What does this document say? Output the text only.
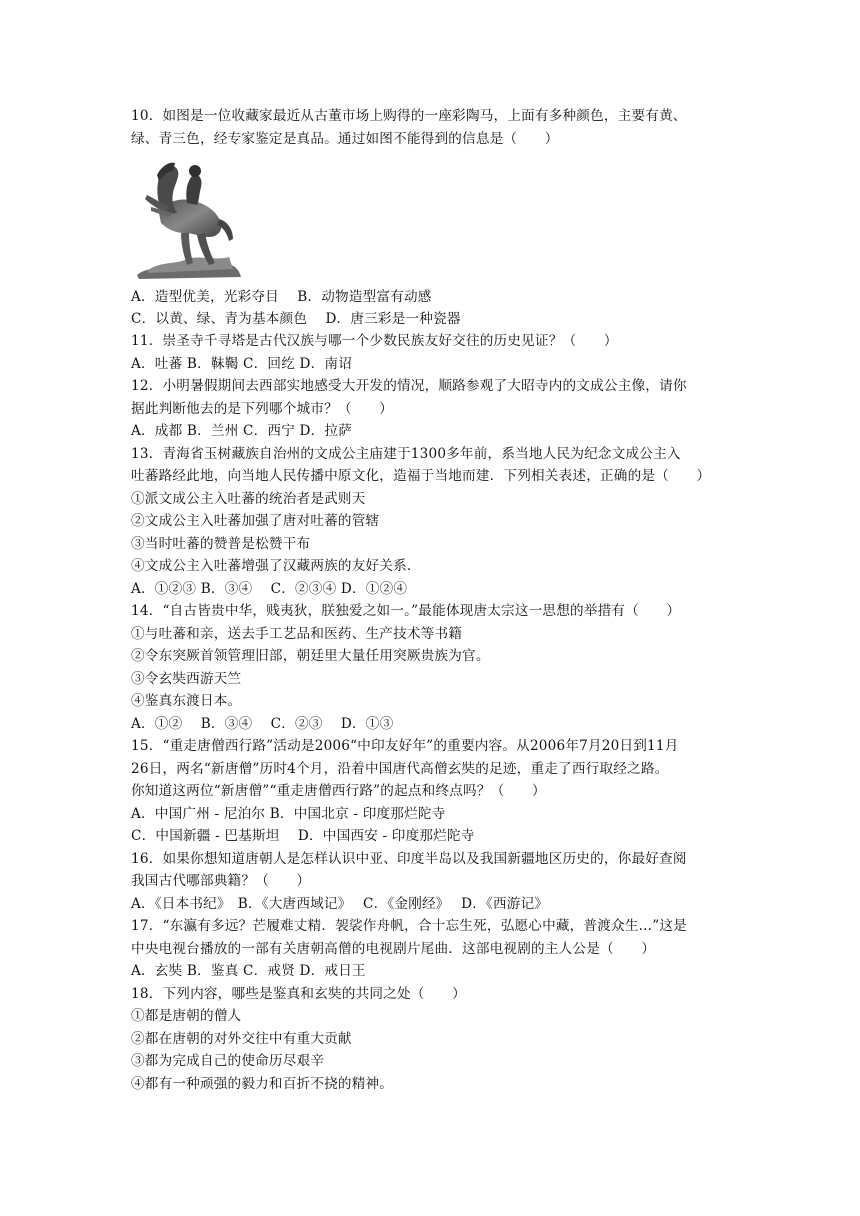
10．如图是一位收藏家最近从古董市场上购得的一座彩陶马，上面有多种颜色，主要有黄、
绿、青三色，经专家鉴定是真品。通过如图不能得到的信息是（　　）
A．造型优美，光彩夺目　 B．动物造型富有动感
C．以黄、绿、青为基本颜色　 D．唐三彩是一种瓷器
11．崇圣寺千寻塔是古代汉族与哪一个少数民族友好交往的历史见证？（　　）
A．吐蕃 B．靺鞨 C．回纥 D．南诏
12．小明暑假期间去西部实地感受大开发的情况，顺路参观了大昭寺内的文成公主像，请你
据此判断他去的是下列哪个城市？（　　）
A．成都 B．兰州 C．西宁 D．拉萨
13．青海省玉树藏族自治州的文成公主庙建于1300多年前，系当地人民为纪念文成公主入
吐蕃路经此地，向当地人民传播中原文化，造福于当地而建．下列相关表述，正确的是（　　）
①派文成公主入吐蕃的统治者是武则天
②文成公主入吐蕃加强了唐对吐蕃的管辖
③当时吐蕃的赞普是松赞干布
④文成公主入吐蕃增强了汉藏两族的友好关系．
A．①②③ B．③④　 C．②③④ D．①②④
14．“自古皆贵中华，贱夷狄，朕独爱之如一。”最能体现唐太宗这一思想的举措有（　　）
①与吐蕃和亲，送去手工艺品和医药、生产技术等书籍
②令东突厥首领管理旧部，朝廷里大量任用突厥贵族为官。
③令玄奘西游天竺
④鉴真东渡日本。
A．①②　 B．③④　 C．②③　 D．①③
15．“重走唐僧西行路”活动是2006“中印友好年”的重要内容。从2006年7月20日到11月
26日，两名“新唐僧”历时4个月，沿着中国唐代高僧玄奘的足迹，重走了西行取经之路。
你知道这两位“新唐僧”“重走唐僧西行路”的起点和终点吗？（　　）
A．中国广州 - 尼泊尔 B．中国北京 - 印度那烂陀寺
C．中国新疆 - 巴基斯坦　 D．中国西安 - 印度那烂陀寺
16．如果你想知道唐朝人是怎样认识中亚、印度半岛以及我国新疆地区历史的，你最好查阅
我国古代哪部典籍？（　　）
A．《日本书纪》　B．《大唐西域记》　 C．《金刚经》　 D．《西游记》
17．“东瀛有多远？芒履难丈精．袈裟作舟帆，合十忘生死，弘愿心中藏，普渡众生...”这是
中央电视台播放的一部有关唐朝高僧的电视剧片尾曲．这部电视剧的主人公是（　　）
A．玄奘 B．鉴真 C．戒贤 D．戒日王
18．下列内容，哪些是鉴真和玄奘的共同之处（　　）
①都是唐朝的僧人
②都在唐朝的对外交往中有重大贡献
③都为完成自己的使命历尽艰辛
④都有一种顽强的毅力和百折不挠的精神。
